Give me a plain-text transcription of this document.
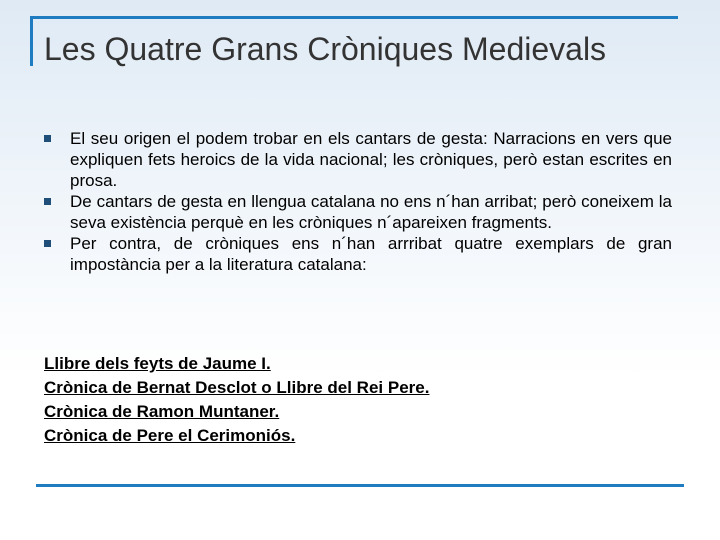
Les Quatre Grans Cròniques Medievals
El seu origen el podem trobar en els cantars de gesta: Narracions en vers que expliquen fets heroics de la vida nacional; les cròniques, però estan escrites en prosa.
De cantars de gesta en llengua catalana no ens n´han arribat; però coneixem la seva existència perquè en les cròniques n´apareixen fragments.
Per contra, de cròniques ens n´han arrribat quatre exemplars de gran impostància per a la literatura catalana:
Llibre dels feyts de Jaume I.
Crònica de Bernat Desclot o Llibre del Rei Pere.
Crònica de Ramon Muntaner.
Crònica de Pere el Cerimoniós.
